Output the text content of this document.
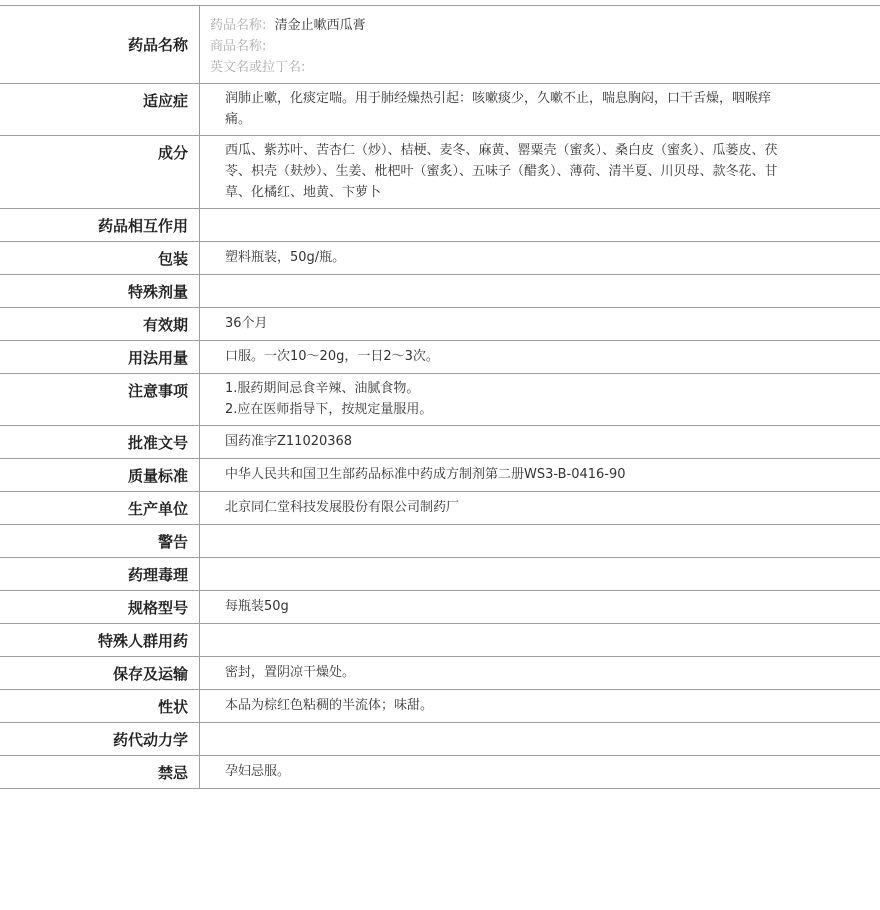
药品名称
药品名称: 清金止嗽西瓜膏
商品名称:
英文名或拉丁名:
适应症	润肺止嗽，化痰定喘。用于肺经燥热引起：咳嗽痰少，久嗽不止，喘息胸闷，口干舌燥，咽喉痒痛。
成分	西瓜、紫苏叶、苦杏仁（炒）、桔梗、麦冬、麻黄、罂粟壳（蜜炙）、桑白皮（蜜炙）、瓜蒌皮、茯苓、枳壳（麸炒）、生姜、枇杷叶（蜜炙）、五味子（醋炙）、薄荷、清半夏、川贝母、款冬花、甘草、化橘红、地黄、卞萝卜
药品相互作用
包装	塑料瓶装，50g/瓶。
特殊剂量
有效期	36个月
用法用量	口服。一次10～20g，一日2～3次。
注意事项	1.服药期间忌食辛辣、油腻食物。
2.应在医师指导下，按规定量服用。
批准文号	国药准字Z11020368
质量标准	中华人民共和国卫生部药品标准中药成方制剂第二册WS3-B-0416-90
生产单位	北京同仁堂科技发展股份有限公司制药厂
警告
药理毒理
规格型号	每瓶装50g
特殊人群用药
保存及运输	密封，置阴凉干燥处。
性状	本品为棕红色粘稠的半流体；味甜。
药代动力学
禁忌	孕妇忌服。
